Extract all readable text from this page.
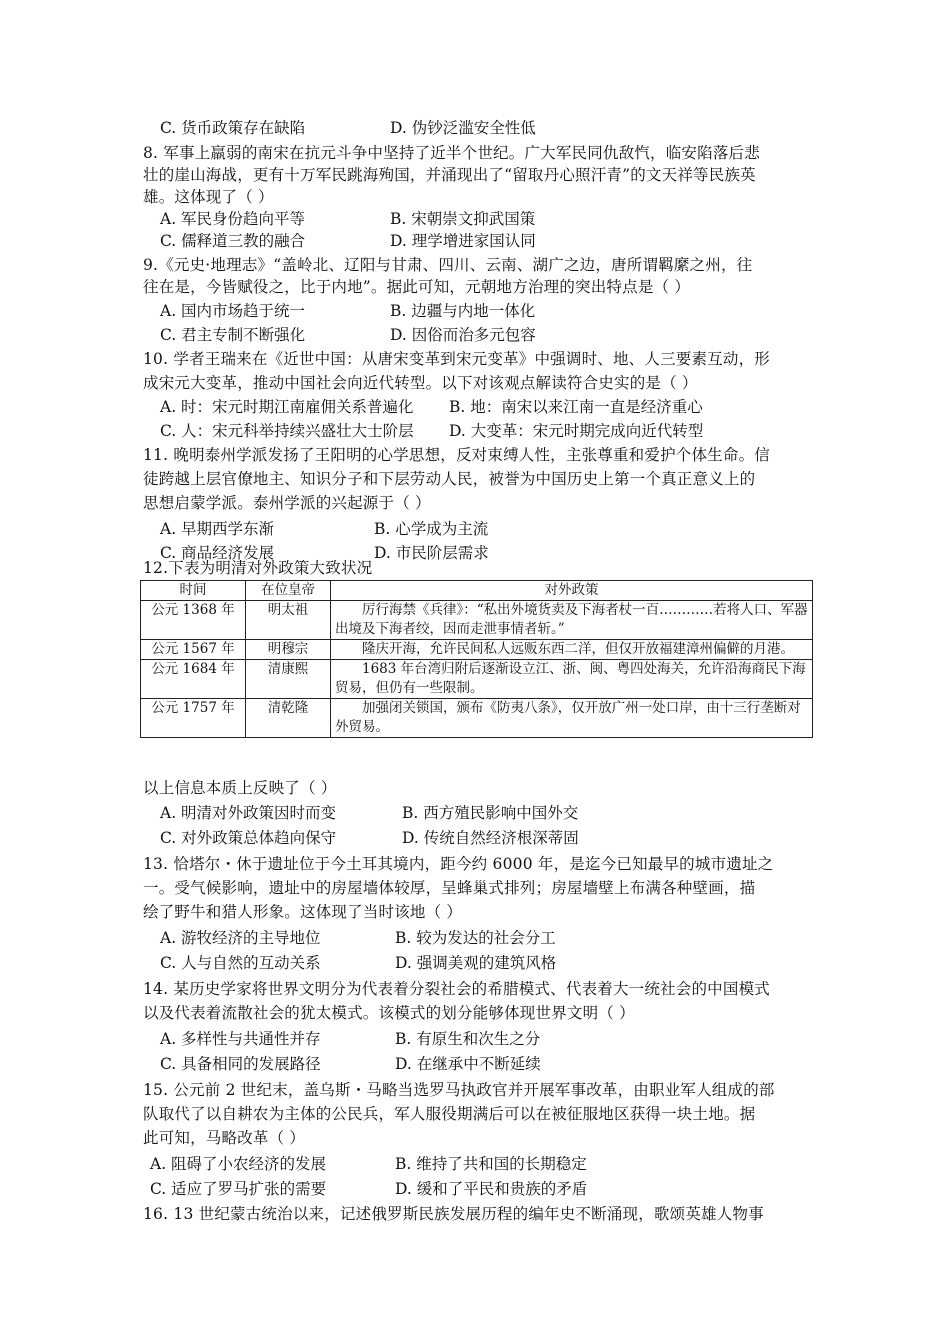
C. 货币政策存在缺陷	D. 伪钞泛滥安全性低
8. 军事上羸弱的南宋在抗元斗争中坚持了近半个世纪。广大军民同仇敌忾，临安陷落后悲
壮的崖山海战，更有十万军民跳海殉国，并涌现出了“留取丹心照汗青”的文天祥等民族英
雄。这体现了（ ）
A. 军民身份趋向平等	B. 宋朝崇文抑武国策
C. 儒释道三教的融合	D. 理学增进家国认同
9.《元史·地理志》“盖岭北、辽阳与甘肃、四川、云南、湖广之边，唐所谓羁縻之州，往
往在是，今皆赋役之，比于内地”。据此可知，元朝地方治理的突出特点是（ ）
A. 国内市场趋于统一	B. 边疆与内地一体化
C. 君主专制不断强化	D. 因俗而治多元包容
10. 学者王瑞来在《近世中国：从唐宋变革到宋元变革》中强调时、地、人三要素互动，形
成宋元大变革，推动中国社会向近代转型。以下对该观点解读符合史实的是（ ）
A. 时：宋元时期江南雇佣关系普遍化 B. 地：南宋以来江南一直是经济重心
C. 人：宋元科举持续兴盛壮大士阶层 D. 大变革：宋元时期完成向近代转型
11. 晚明泰州学派发扬了王阳明的心学思想，反对束缚人性，主张尊重和爱护个体生命。信
徒跨越上层官僚地主、知识分子和下层劳动人民，被誉为中国历史上第一个真正意义上的
思想启蒙学派。泰州学派的兴起源于（ ）
A. 早期西学东渐	B. 心学成为主流
C. 商品经济发展	D. 市民阶层需求
12.下表为明清对外政策大致状况
时间	在位皇帝	对外政策
公元 1368 年	明太祖	厉行海禁《兵律》：“私出外境货卖及下海者杖一百…………若将人口、军器出境及下海者绞，因而走泄事情者斩。”
公元 1567 年	明穆宗	隆庆开海，允许民间私人远贩东西二洋，但仅开放福建漳州偏僻的月港。
公元 1684 年	清康熙	1683 年台湾归附后逐渐设立江、浙、闽、粤四处海关，允许沿海商民下海贸易，但仍有一些限制。
公元 1757 年	清乾隆	加强闭关锁国，颁布《防夷八条》，仅开放广州一处口岸，由十三行垄断对外贸易。
以上信息本质上反映了（ ）
A. 明清对外政策因时而变	B. 西方殖民影响中国外交
C. 对外政策总体趋向保守	D. 传统自然经济根深蒂固
13. 恰塔尔・休于遗址位于今土耳其境内，距今约 6000 年，是迄今已知最早的城市遗址之
一。受气候影响，遗址中的房屋墙体较厚，呈蜂巢式排列；房屋墙壁上布满各种壁画，描
绘了野牛和猎人形象。这体现了当时该地（ ）
A. 游牧经济的主导地位	B. 较为发达的社会分工
C. 人与自然的互动关系	D. 强调美观的建筑风格
14. 某历史学家将世界文明分为代表着分裂社会的希腊模式、代表着大一统社会的中国模式
以及代表着流散社会的犹太模式。该模式的划分能够体现世界文明（ ）
A. 多样性与共通性并存	B. 有原生和次生之分
C. 具备相同的发展路径	D. 在继承中不断延续
15. 公元前 2 世纪末，盖乌斯・马略当选罗马执政官并开展军事改革，由职业军人组成的部
队取代了以自耕农为主体的公民兵，军人服役期满后可以在被征服地区获得一块土地。据
此可知，马略改革（ ）
A. 阻碍了小农经济的发展	B. 维持了共和国的长期稳定
C. 适应了罗马扩张的需要	D. 缓和了平民和贵族的矛盾
16. 13 世纪蒙古统治以来，记述俄罗斯民族发展历程的编年史不断涌现，歌颂英雄人物事
